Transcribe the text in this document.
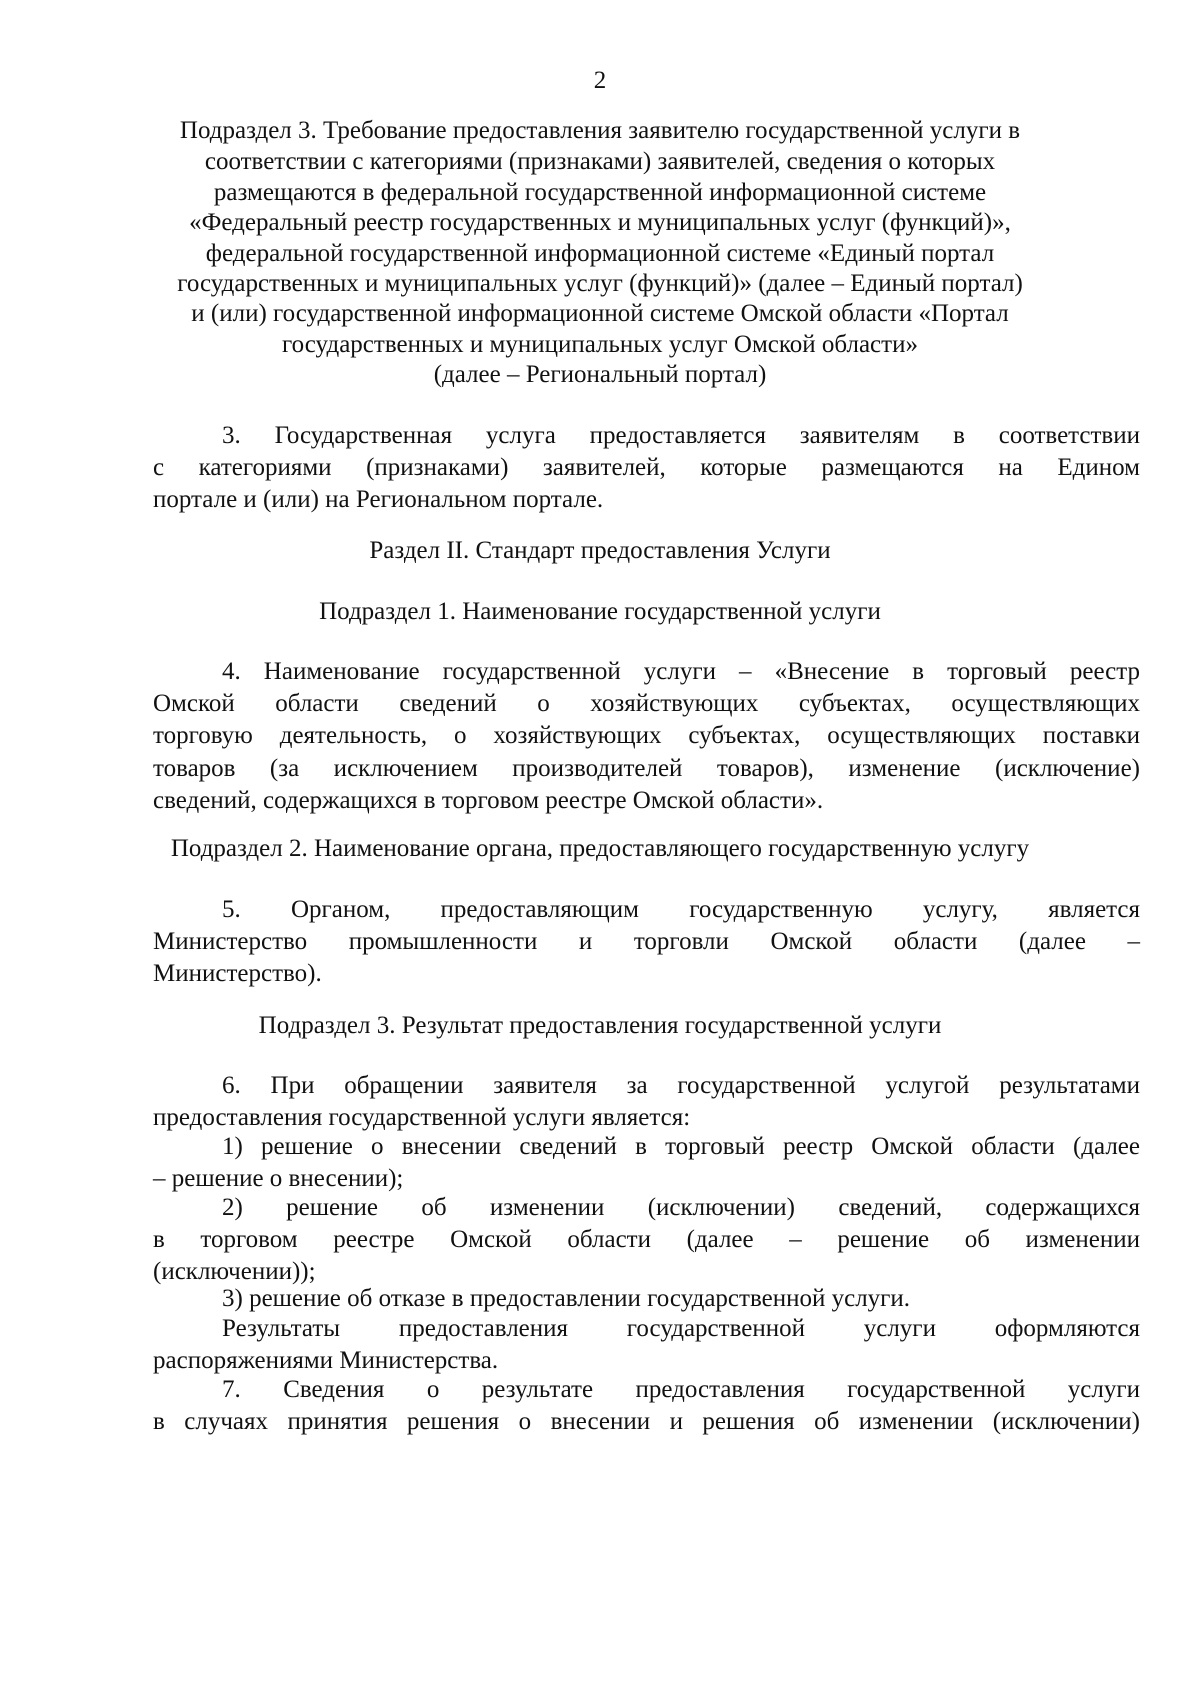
2

Подраздел 3. Требование предоставления заявителю государственной услуги в

соответствии с категориями (признаками) заявителей, сведения о которых

размещаются в федеральной государственной информационной системе

«Федеральный реестр государственных и муниципальных услуг (функций)»,

федеральной государственной информационной системе «Единый портал

государственных и муниципальных услуг (функций)» (далее – Единый портал)

и (или) государственной информационной системе Омской области «Портал

государственных и муниципальных услуг Омской области»

(далее – Региональный портал)

3. Государственная услуга предоставляется заявителям в соответствии
с категориями (признаками) заявителей, которые размещаются на Едином
портале и (или) на Региональном портале.

Раздел II. Стандарт предоставления Услуги

Подраздел 1. Наименование государственной услуги

4. Наименование государственной услуги – «Внесение в торговый реестр
Омской области сведений о хозяйствующих субъектах, осуществляющих
торговую деятельность, о хозяйствующих субъектах, осуществляющих поставки
товаров (за исключением производителей товаров), изменение (исключение)
сведений, содержащихся в торговом реестре Омской области».

Подраздел 2. Наименование органа, предоставляющего государственную услугу

5. Органом, предоставляющим государственную услугу, является
Министерство промышленности и торговли Омской области (далее –
Министерство).

Подраздел 3. Результат предоставления государственной услуги

6. При обращении заявителя за государственной услугой результатами
предоставления государственной услуги является:
1) решение о внесении сведений в торговый реестр Омской области (далее
– решение о внесении);
2) решение об изменении (исключении) сведений, содержащихся
в торговом реестре Омской области (далее – решение об изменении
(исключении));
3) решение об отказе в предоставлении государственной услуги.
Результаты предоставления государственной услуги оформляются
распоряжениями Министерства.
7. Сведения о результате предоставления государственной услуги
в случаях принятия решения о внесении и решения об изменении (исключении)
